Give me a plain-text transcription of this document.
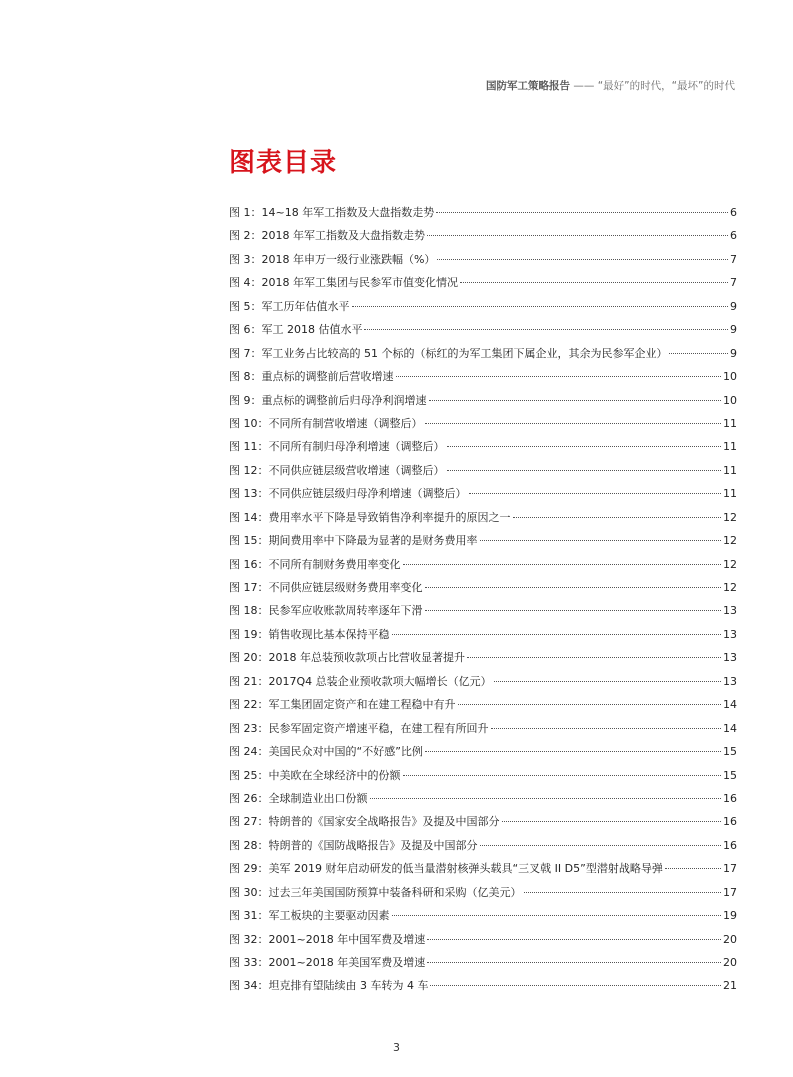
国防军工策略报告 —— “最好”的时代，“最坏”的时代
图表目录
图 1：14~18 年军工指数及大盘指数走势	6
图 2：2018 年军工指数及大盘指数走势	6
图 3：2018 年申万一级行业涨跌幅（%）	7
图 4：2018 年军工集团与民参军市值变化情况	7
图 5：军工历年估值水平	9
图 6：军工 2018 估值水平	9
图 7：军工业务占比较高的 51 个标的（标红的为军工集团下属企业，其余为民参军企业）	9
图 8：重点标的调整前后营收增速	10
图 9：重点标的调整前后归母净利润增速	10
图 10：不同所有制营收增速（调整后）	11
图 11：不同所有制归母净利增速（调整后）	11
图 12：不同供应链层级营收增速（调整后）	11
图 13：不同供应链层级归母净利增速（调整后）	11
图 14：费用率水平下降是导致销售净利率提升的原因之一	12
图 15：期间费用率中下降最为显著的是财务费用率	12
图 16：不同所有制财务费用率变化	12
图 17：不同供应链层级财务费用率变化	12
图 18：民参军应收账款周转率逐年下滑	13
图 19：销售收现比基本保持平稳	13
图 20：2018 年总装预收款项占比营收显著提升	13
图 21：2017Q4 总装企业预收款项大幅增长（亿元）	13
图 22：军工集团固定资产和在建工程稳中有升	14
图 23：民参军固定资产增速平稳，在建工程有所回升	14
图 24：美国民众对中国的“不好感”比例	15
图 25：中美欧在全球经济中的份额	15
图 26：全球制造业出口份额	16
图 27：特朗普的《国家安全战略报告》及提及中国部分	16
图 28：特朗普的《国防战略报告》及提及中国部分	16
图 29：美军 2019 财年启动研发的低当量潜射核弹头载具“三叉戟 II D5”型潜射战略导弹	17
图 30：过去三年美国国防预算中装备科研和采购（亿美元）	17
图 31：军工板块的主要驱动因素	19
图 32：2001~2018 年中国军费及增速	20
图 33：2001~2018 年美国军费及增速	20
图 34：坦克排有望陆续由 3 车转为 4 车	21
3
